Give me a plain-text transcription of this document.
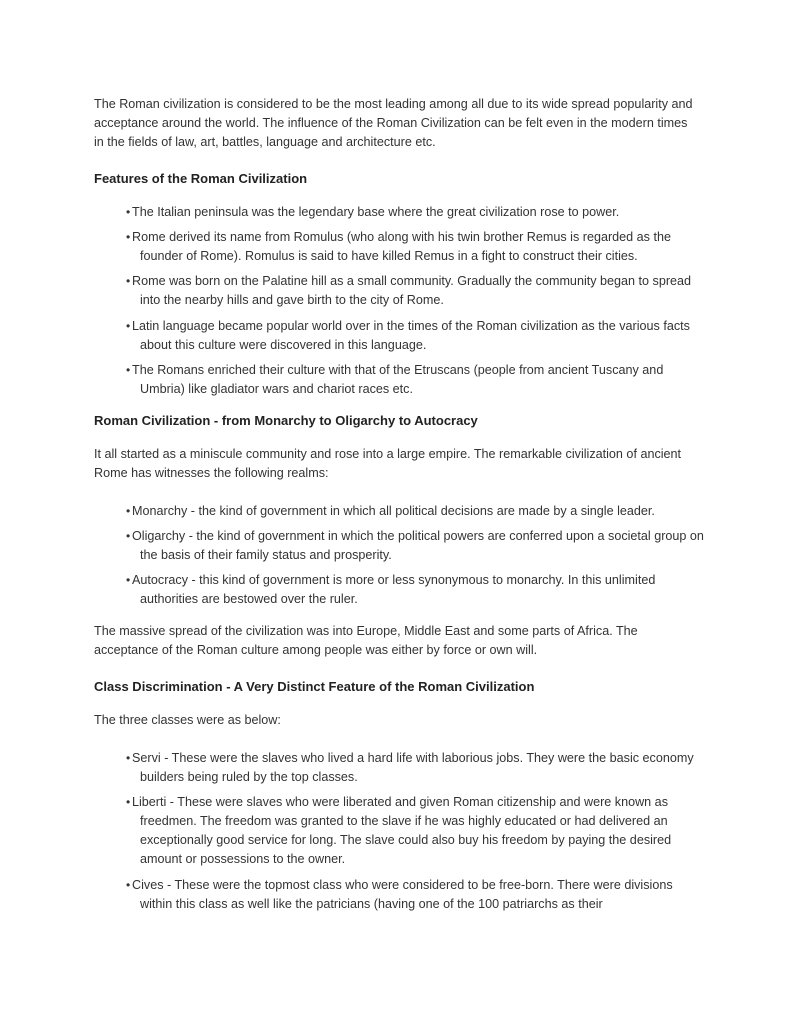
The Roman civilization is considered to be the most leading among all due to its wide spread popularity and acceptance around the world. The influence of the Roman Civilization can be felt even in the modern times in the fields of law, art, battles, language and architecture etc.

Features of the Roman Civilization
• The Italian peninsula was the legendary base where the great civilization rose to power.
• Rome derived its name from Romulus (who along with his twin brother Remus is regarded as the founder of Rome). Romulus is said to have killed Remus in a fight to construct their cities.
• Rome was born on the Palatine hill as a small community. Gradually the community began to spread into the nearby hills and gave birth to the city of Rome.
• Latin language became popular world over in the times of the Roman civilization as the various facts about this culture were discovered in this language.
• The Romans enriched their culture with that of the Etruscans (people from ancient Tuscany and Umbria) like gladiator wars and chariot races etc.
Roman Civilization - from Monarchy to Oligarchy to Autocracy

It all started as a miniscule community and rose into a large empire. The remarkable civilization of ancient Rome has witnesses the following realms:

• Monarchy - the kind of government in which all political decisions are made by a single leader.
• Oligarchy - the kind of government in which the political powers are conferred upon a societal group on the basis of their family status and prosperity.
• Autocracy - this kind of government is more or less synonymous to monarchy. In this unlimited authorities are bestowed over the ruler.

The massive spread of the civilization was into Europe, Middle East and some parts of Africa. The acceptance of the Roman culture among people was either by force or own will.

Class Discrimination - A Very Distinct Feature of the Roman Civilization

The three classes were as below:

• Servi - These were the slaves who lived a hard life with laborious jobs. They were the basic economy builders being ruled by the top classes.
• Liberti - These were slaves who were liberated and given Roman citizenship and were known as freedmen. The freedom was granted to the slave if he was highly educated or had delivered an exceptionally good service for long. The slave could also buy his freedom by paying the desired amount or possessions to the owner.
• Cives - These were the topmost class who were considered to be free-born. There were divisions within this class as well like the patricians (having one of the 100 patriarchs as their
